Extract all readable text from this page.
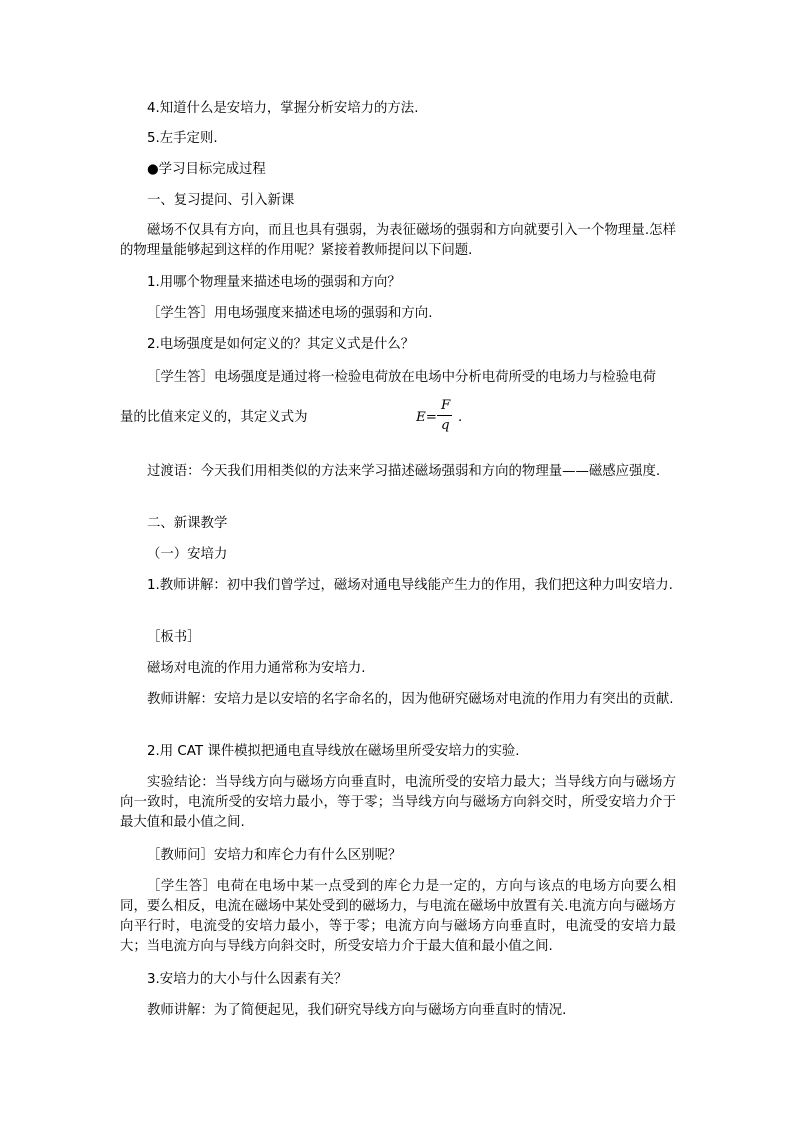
4.知道什么是安培力，掌握分析安培力的方法.

5.左手定则.

●学习目标完成过程

一、复习提问、引入新课

磁场不仅具有方向，而且也具有强弱，为表征磁场的强弱和方向就要引入一个物理量.怎样的物理量能够起到这样的作用呢？紧接着教师提问以下问题.

1.用哪个物理量来描述电场的强弱和方向？

［学生答］用电场强度来描述电场的强弱和方向.

2.电场强度是如何定义的？其定义式是什么？

［学生答］电场强度是通过将一检验电荷放在电场中分析电荷所受的电场力与检验电荷

量的比值来定义的，其定义式为	E=
F
q
.

过渡语：今天我们用相类似的方法来学习描述磁场强弱和方向的物理量——磁感应强度.

二、新课教学

（一）安培力

1.教师讲解：初中我们曾学过，磁场对通电导线能产生力的作用，我们把这种力叫安培力.

［板书］

磁场对电流的作用力通常称为安培力.

教师讲解：安培力是以安培的名字命名的，因为他研究磁场对电流的作用力有突出的贡献.

2.用 CAT 课件模拟把通电直导线放在磁场里所受安培力的实验.

实验结论：当导线方向与磁场方向垂直时，电流所受的安培力最大；当导线方向与磁场方向一致时，电流所受的安培力最小，等于零；当导线方向与磁场方向斜交时，所受安培力介于最大值和最小值之间.

［教师问］安培力和库仑力有什么区别呢？

［学生答］电荷在电场中某一点受到的库仑力是一定的，方向与该点的电场方向要么相同，要么相反，电流在磁场中某处受到的磁场力，与电流在磁场中放置有关.电流方向与磁场方向平行时，电流受的安培力最小，等于零；电流方向与磁场方向垂直时，电流受的安培力最大；当电流方向与导线方向斜交时，所受安培力介于最大值和最小值之间.

3.安培力的大小与什么因素有关？

教师讲解：为了简便起见，我们研究导线方向与磁场方向垂直时的情况.
